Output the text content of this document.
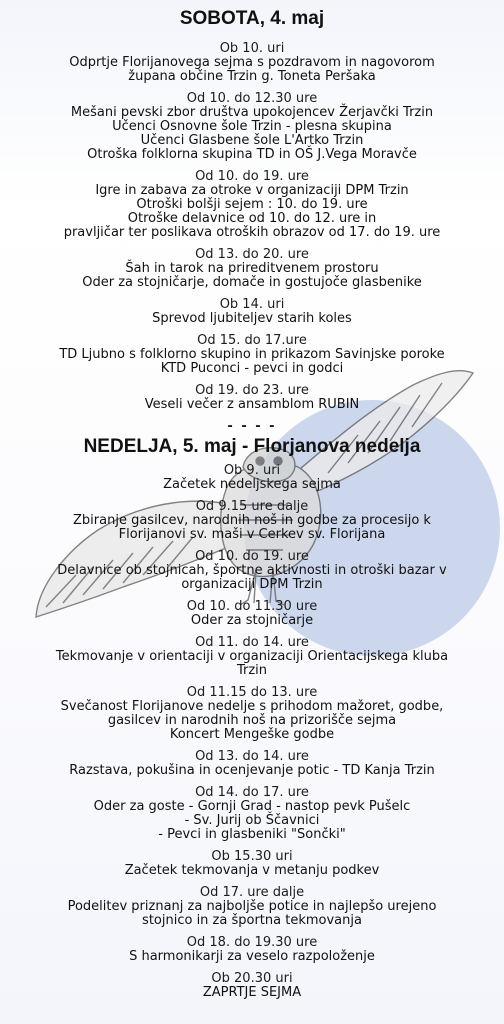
SOBOTA, 4. maj
Ob 10. uri
Odprtje Florijanovega sejma s pozdravom in nagovorom
župana občine Trzin g. Toneta Peršaka
Od 10. do 12.30 ure
Mešani pevski zbor društva upokojencev Žerjavčki Trzin
Učenci Osnovne šole Trzin - plesna skupina
Učenci Glasbene šole L'Artko Trzin
Otroška folklorna skupina TD in OŠ J.Vega Moravče
Od 10. do 19. ure
Igre in zabava za otroke v organizaciji DPM Trzin
Otroški bolšji sejem : 10. do 19. ure
Otroške delavnice od 10. do 12. ure in
pravljičar ter poslikava otroških obrazov od 17. do 19. ure
Od 13. do 20. ure
Šah in tarok na prireditvenem prostoru
Oder za stojničarje, domače in gostujoče glasbenike
Ob 14. uri
Sprevod ljubiteljev starih koles
Od 15. do 17.ure
TD Ljubno s folklorno skupino in prikazom Savinjske poroke
KTD Puconci - pevci in godci
Od 19. do 23. ure
Veseli večer z ansamblom RUBIN
- - - -
NEDELJA, 5. maj - Florjanova nedelja
Ob 9. uri
Začetek nedeljskega sejma
Od 9.15 ure dalje
Zbiranje gasilcev, narodnih noš in godbe za procesijo k
Florijanovi sv. maši v Cerkev sv. Florijana
Od 10. do 19. ure
Delavnice ob stojnicah, športne aktivnosti in otroški bazar v
organizaciji DPM Trzin
Od 10. do 11.30 ure
Oder za stojničarje
Od 11. do 14. ure
Tekmovanje v orientaciji v organizaciji Orientacijskega kluba
Trzin
Od 11.15 do 13. ure
Svečanost Florijanove nedelje s prihodom mažoret, godbe,
gasilcev in narodnih noš na prizorišče sejma
Koncert Mengeške godbe
Od 13. do 14. ure
Razstava, pokušina in ocenjevanje potic - TD Kanja Trzin
Od 14. do 17. ure
Oder za goste - Gornji Grad - nastop pevk Pušelc
- Sv. Jurij ob Ščavnici
- Pevci in glasbeniki "Sončki"
Ob 15.30 uri
Začetek tekmovanja v metanju podkev
Od 17. ure dalje
Podelitev priznanj za najboljše potice in najlepšo urejeno
stojnico in za športna tekmovanja
Od 18. do 19.30 ure
S harmonikarji za veselo razpoloženje
Ob 20.30 uri
ZAPRTJE SEJMA
